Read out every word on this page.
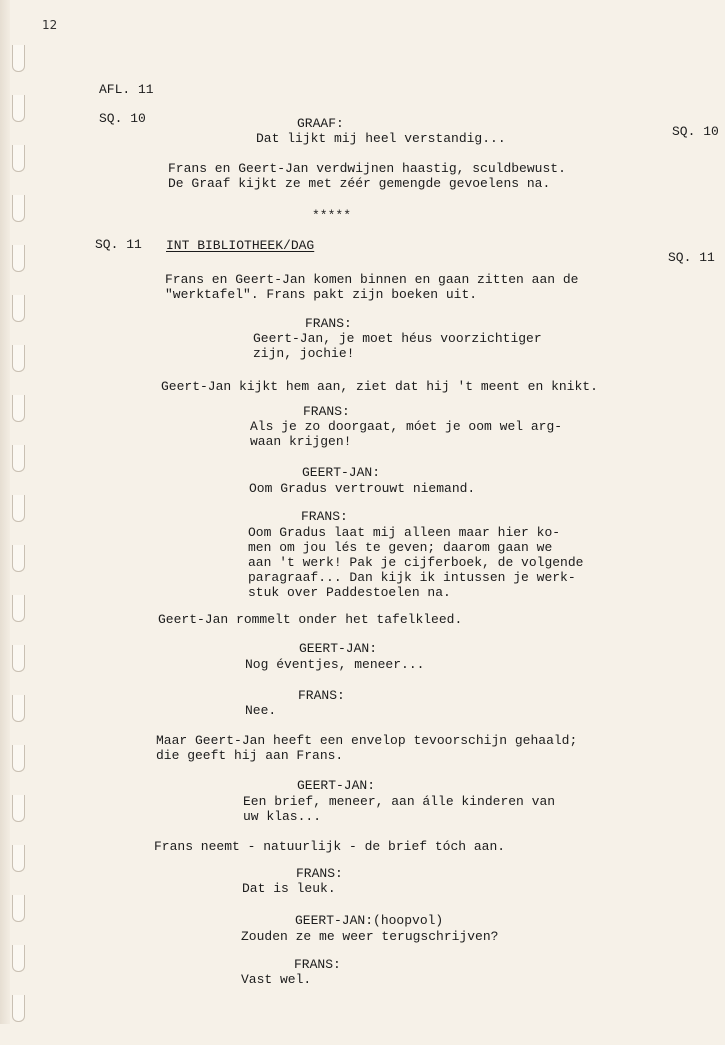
12
AFL. 11
SQ. 10
SQ. 10
GRAAF:
Dat lijkt mij heel verstandig...
Frans en Geert-Jan verdwijnen haastig, sculdbewust.
De Graaf kijkt ze met zéér gemengde gevoelens na.
*****
SQ. 11 INT BIBLIOTHEEK/DAG
SQ. 11
Frans en Geert-Jan komen binnen en gaan zitten aan de
"werktafel". Frans pakt zijn boeken uit.
FRANS:
Geert-Jan, je moet héus voorzichtiger
zijn, jochie!
Geert-Jan kijkt hem aan, ziet dat hij 't meent en knikt.
FRANS:
Als je zo doorgaat, móet je oom wel arg-
waan krijgen!
GEERT-JAN:
Oom Gradus vertrouwt niemand.
FRANS:
Oom Gradus laat mij alleen maar hier ko-
men om jou lés te geven; daarom gaan we
aan 't werk! Pak je cijferboek, de volgende
paragraaf... Dan kijk ik intussen je werk-
stuk over Paddestoelen na.
Geert-Jan rommelt onder het tafelkleed.
GEERT-JAN:
Nog éventjes, meneer...
FRANS:
Nee.
Maar Geert-Jan heeft een envelop tevoorschijn gehaald;
die geeft hij aan Frans.
GEERT-JAN:
Een brief, meneer, aan álle kinderen van
uw klas...
Frans neemt - natuurlijk - de brief tóch aan.
FRANS:
Dat is leuk.
GEERT-JAN:(hoopvol)
Zouden ze me weer terugschrijven?
FRANS:
Vast wel.
